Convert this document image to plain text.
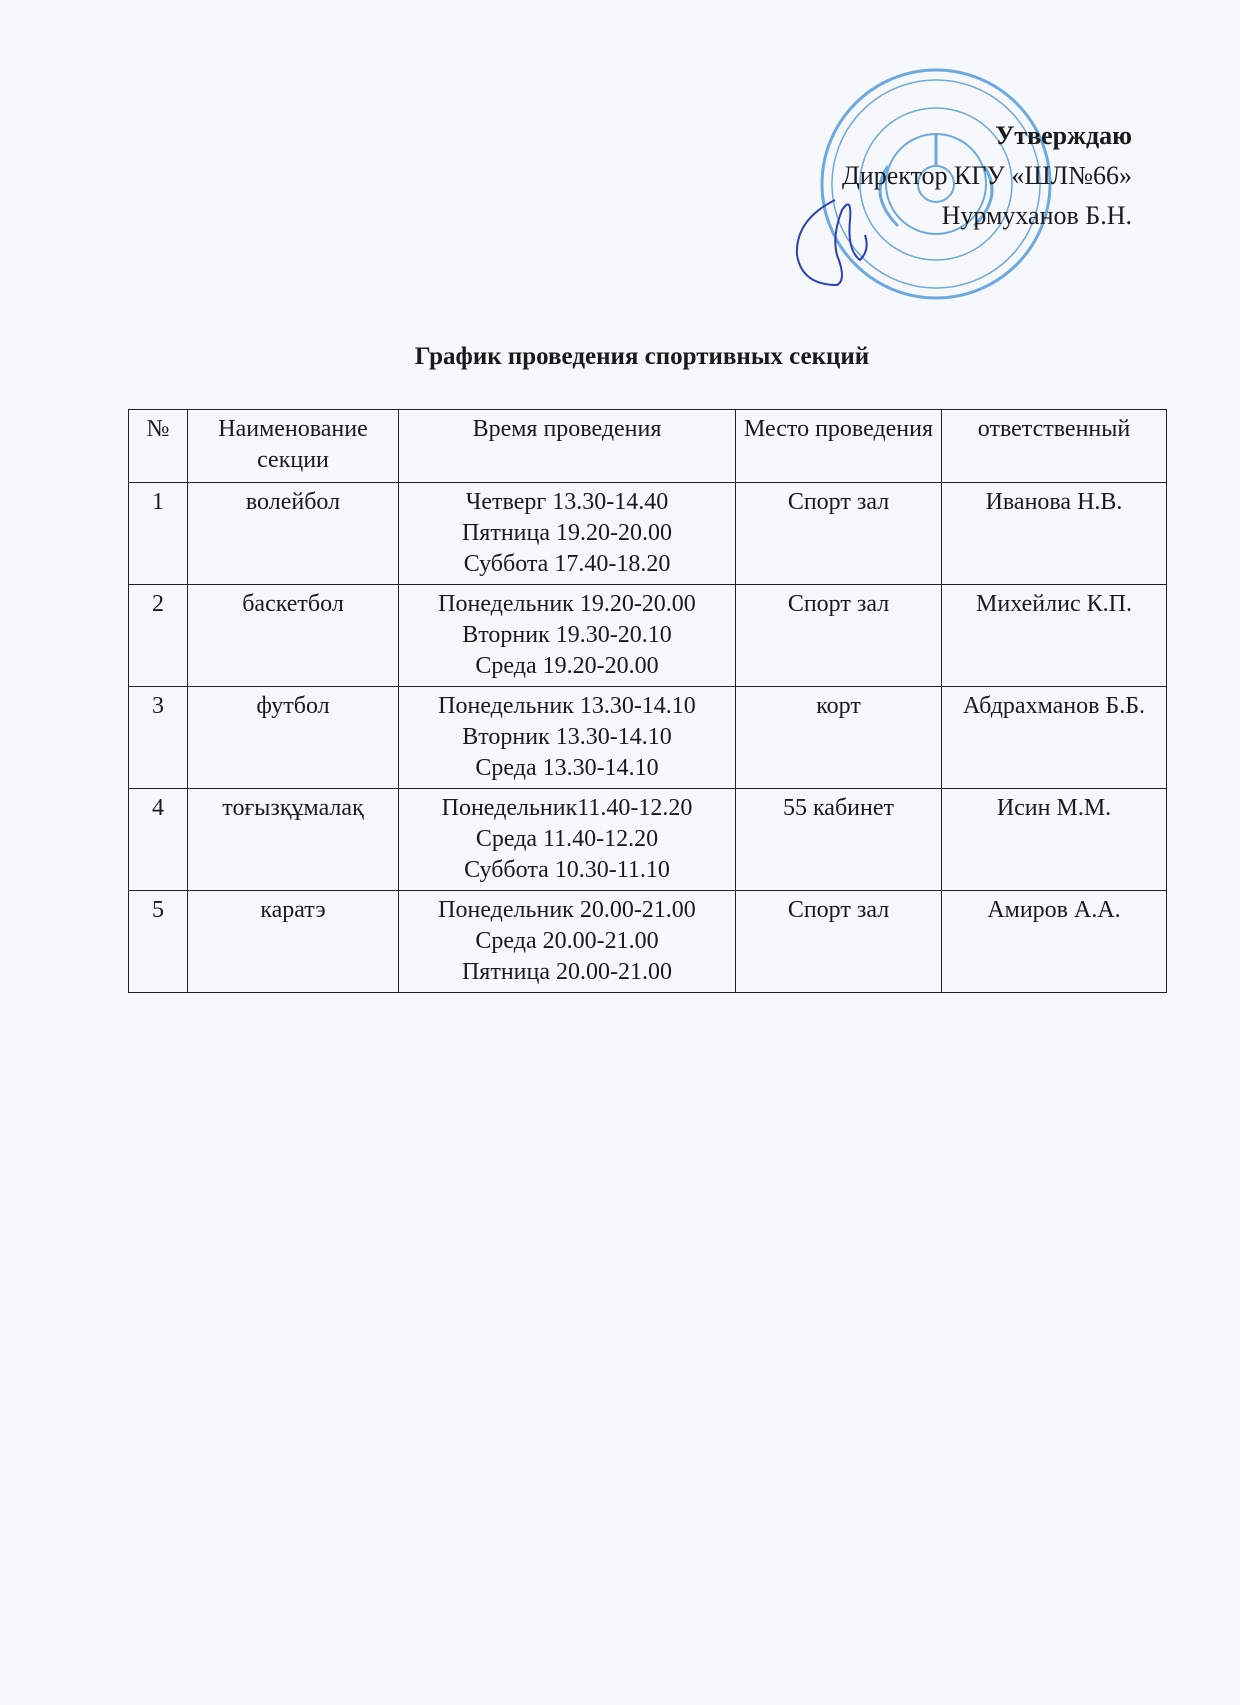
Утверждаю
Директор КГУ «ШЛ№66»
Нурмуханов Б.Н.
График проведения спортивных секций
№	Наименование секции	Время проведения	Место проведения	ответственный
1	волейбол	Четверг 13.30-14.40
Пятница 19.20-20.00
Суббота 17.40-18.20	Спорт зал	Иванова Н.В.
2	баскетбол	Понедельник 19.20-20.00
Вторник 19.30-20.10
Среда 19.20-20.00	Спорт зал	Михейлис К.П.
3	футбол	Понедельник 13.30-14.10
Вторник 13.30-14.10
Среда 13.30-14.10	корт	Абдрахманов Б.Б.
4	тоғызқұмалақ	Понедельник11.40-12.20
Среда 11.40-12.20
Суббота 10.30-11.10	55 кабинет	Исин М.М.
5	каратэ	Понедельник 20.00-21.00
Среда 20.00-21.00
Пятница 20.00-21.00	Спорт зал	Амиров А.А.
